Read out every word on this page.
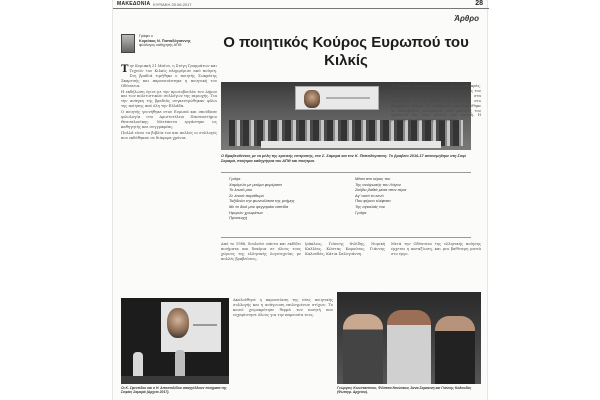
ΜΑΚΕΔΟΝΙΑ ΚΥΡΙΑΚΗ 25.06.2017	28
Άρθρο
Γράφει ο
Κυριάκος Ν. Παπαδόγιαννης
φιλόλογος καθηγητής ΑΠΘ	Ο ποιητικός Κούρος Ευρωπού του Κιλκίς

Την Κυριακή 21 Μαΐου, η Στέγη Γραμμάτων και Τεχνών του Κιλκίς πλημμύρισε από ποίηση. Στη βραδιά τιμήθηκε ο ποιητής Σωκράτης Σκαρτσής και παρουσιάστηκε η ποιητική του Οδύσσεια.

Η εκδήλωση έγινε με την πρωτοβουλία του Δήμου και των πολιτιστικών συλλόγων της περιοχής. Για την ανάγκη της βραδιάς συγκεντρώθηκαν φίλοι της ποίησης από όλη την Ελλάδα.

Ο ποιητής γεννήθηκε στον Ευρωπό και σπούδασε φιλολογία στο Αριστοτέλειο Πανεπιστήμιο Θεσσαλονίκης. Μετέπειτα εργάστηκε ως καθηγητής και συγγραφέας.

Πολλά είναι τα βιβλία του και πολλές οι συλλογές που εκδόθηκαν σε διάφορα χρόνια.

Ο Βραβευθέντας με τα μέλη της κριτικής επιτροπής, τον Σ. Σαμαρά και τον Κ. Παπαδόγιαννη. Το βραβείο 2016-17 απονεμήθηκε στη Σοφί Σαμαρά, ποιήτρια καθηγήτρια του ΑΠΘ και ποιήτρια.
Γράψε
Χαμόγελο με μαύρα φορέματα
Το λευκό μου
Σε λευκό παράθυρο
Ταξιδεύει την φωνούλιτσα της μνήμης
Με το δικό μου φεγγαράκι ασπίδα
Ημερών χρωμάτων
Προσευχή
Μέσα στο κέρας του
Της ανύψωσής του Λόγου
Σκάβει βαθιά μέσα στον αέρα
Αγ' αυτό το κενό
Που φέρνει κλέφτικο
Της αγκαλιάς του
Γράψε
Από το 1986, δουλεύει πάντα και εκδίδει ποιήματα και δοκίμια σε όλους τους χώρους της ελληνικής λογοτεχνίας με πολλές βραβεύσεις.
Ιράκλιος, Γιάννης Φιλίδης, Νομική Καλλίας, Κώστας Καρούσος, Γιάννης Καλουδάς, Κάτια Σαλογιάννη.
Μετά την Οδύσσεια της ελληνικής ποίησης έρχεται η καταξίωση, και μια βαθύτερη ματιά στο έργο.
Τη βραδιά παρουσίασε ο Γιώργος Σαμαράς. Μίλησαν οι ποιητές, φίλοι και συνεργάτες του τιμώμενου. Συζητήθηκε η συμβολή του στα γράμματα και ο ρόλος της ποίησης στο σύγχρονο κόσμο. Η εκδήλωση ολοκληρώθηκε με απαγγελίες ποιημάτων από μαθητές του σχολείου και τους φίλους του ποιητή. Η μουσική συνόδευσε τις απαγγελίες.
Οι Κ. Σφεντίδου και ο Η. Αποστολίδου απαγγέλλουν ποιήματα της Σοφίας Σαμαρά (Αρχείο 2017).
Ακολούθησε η παρουσίαση της νέας ποιητικής συλλογής και η ανάγνωση επιλεγμένων στίχων. Το κοινό χειροκρότησε θερμά τον ποιητή που ευχαρίστησε όλους για την παρουσία τους.
Γεώργιος Κωνσταντίνου, Φιλίππα Ντούσκου, Άννα Σαρακινή και Γιάννης Καλουδάς (Φωτογρ. Αρχείου).
